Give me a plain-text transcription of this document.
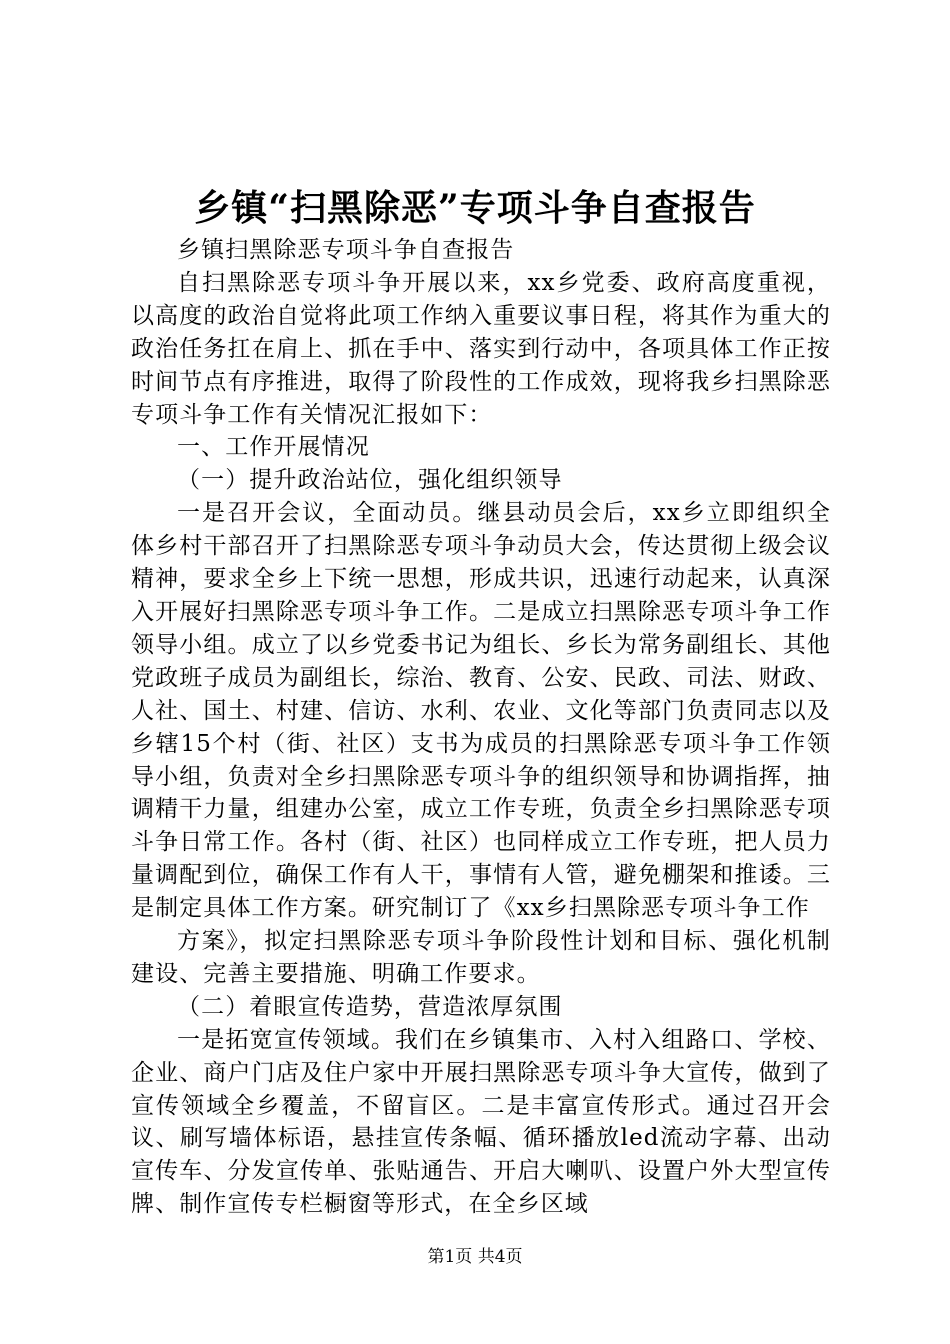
乡镇“扫黑除恶”专项斗争自查报告

乡镇扫黑除恶专项斗争自查报告

自扫黑除恶专项斗争开展以来，xx乡党委、政府高度重视，以高度的政治自觉将此项工作纳入重要议事日程，将其作为重大的政治任务扛在肩上、抓在手中、落实到行动中，各项具体工作正按时间节点有序推进，取得了阶段性的工作成效，现将我乡扫黑除恶专项斗争工作有关情况汇报如下：

一、工作开展情况

（一）提升政治站位，强化组织领导

一是召开会议，全面动员。继县动员会后，xx乡立即组织全体乡村干部召开了扫黑除恶专项斗争动员大会，传达贯彻上级会议精神，要求全乡上下统一思想，形成共识，迅速行动起来，认真深入开展好扫黑除恶专项斗争工作。二是成立扫黑除恶专项斗争工作领导小组。成立了以乡党委书记为组长、乡长为常务副组长、其他党政班子成员为副组长，综治、教育、公安、民政、司法、财政、人社、国土、村建、信访、水利、农业、文化等部门负责同志以及乡辖15个村（街、社区）支书为成员的扫黑除恶专项斗争工作领导小组，负责对全乡扫黑除恶专项斗争的组织领导和协调指挥，抽调精干力量，组建办公室，成立工作专班，负责全乡扫黑除恶专项斗争日常工作。各村（街、社区）也同样成立工作专班，把人员力量调配到位，确保工作有人干，事情有人管，避免棚架和推诿。三是制定具体工作方案。研究制订了《xx乡扫黑除恶专项斗争工作

方案》，拟定扫黑除恶专项斗争阶段性计划和目标、强化机制建设、完善主要措施、明确工作要求。

（二）着眼宣传造势，营造浓厚氛围

一是拓宽宣传领域。我们在乡镇集市、入村入组路口、学校、企业、商户门店及住户家中开展扫黑除恶专项斗争大宣传，做到了宣传领域全乡覆盖，不留盲区。二是丰富宣传形式。通过召开会议、刷写墙体标语，悬挂宣传条幅、循环播放led流动字幕、出动宣传车、分发宣传单、张贴通告、开启大喇叭、设置户外大型宣传牌、制作宣传专栏橱窗等形式，在全乡区域

第1页 共4页
